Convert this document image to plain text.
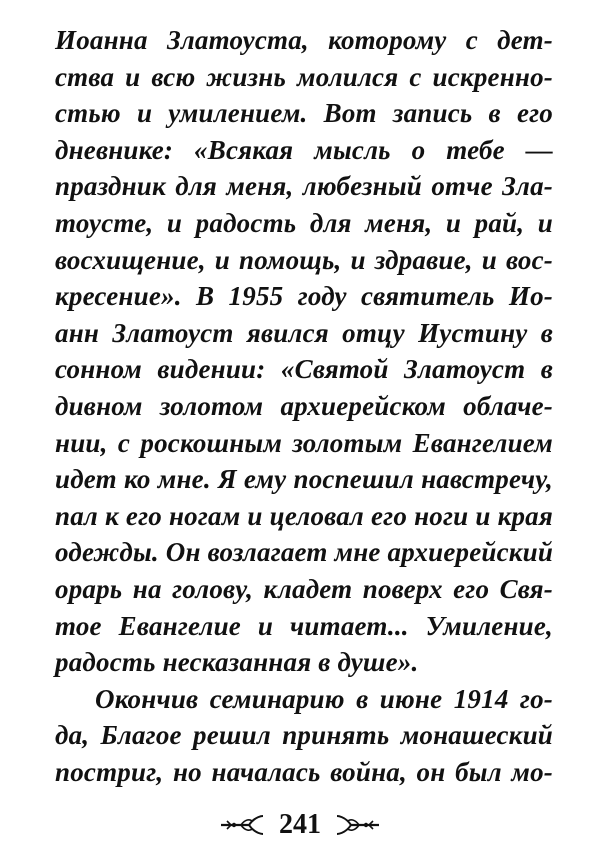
Иоанна Златоуста, которому с дет-
ства и всю жизнь молился с искренно-
стью и умилением. Вот запись в его
дневнике: «Всякая мысль о тебе —
праздник для меня, любезный отче Зла-
тоусте, и радость для меня, и рай, и
восхищение, и помощь, и здравие, и вос-
кресение». В 1955 году святитель Ио-
анн Златоуст явился отцу Иустину в
сонном видении: «Святой Златоуст в
дивном золотом архиерейском облаче-
нии, с роскошным золотым Евангелием
идет ко мне. Я ему поспешил навстречу,
пал к его ногам и целовал его ноги и края
одежды. Он возлагает мне архиерейский
орарь на голову, кладет поверх его Свя-
тое Евангелие и читает... Умиление,
радость несказанная в душе».
Окончив семинарию в июне 1914 го-
да, Благое решил принять монашеский
постриг, но началась война, он был мо-
241
